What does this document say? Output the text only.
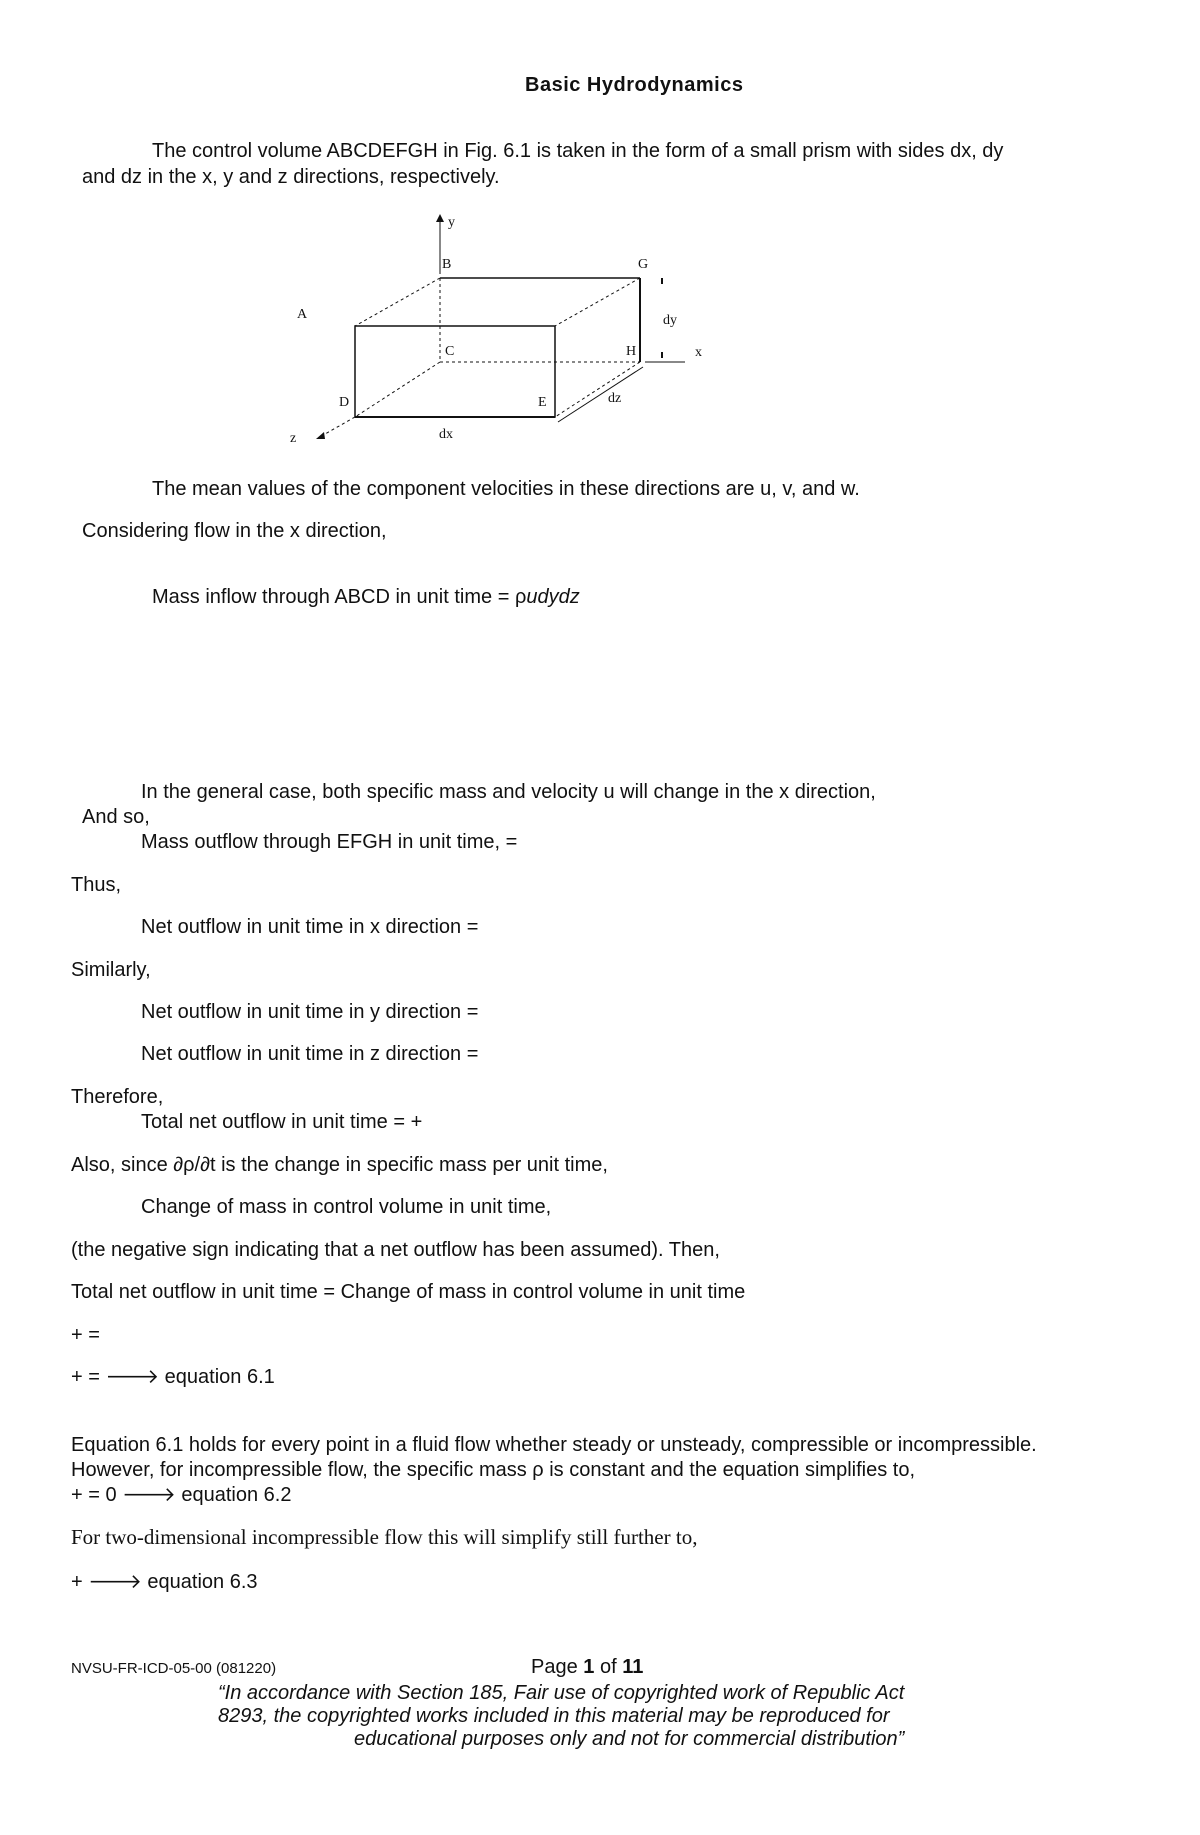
Basic Hydrodynamics
The control volume ABCDEFGH in Fig. 6.1 is taken in the form of a small prism with sides dx, dy
and dz in the x, y and z directions, respectively.
y
z
A
B
C
D	E
G
H	x
dy
dz
dx
The mean values of the component velocities in these directions are u, v, and w.
Considering flow in the x direction,
Mass inflow through ABCD in unit time = ρudydz
In the general case, both specific mass and velocity u will change in the x direction,
And so,
Mass outflow through EFGH in unit time, =
Thus,
Net outflow in unit time in x direction =
Similarly,
Net outflow in unit time in y direction =
Net outflow in unit time in z direction =
Therefore,
Total net outflow in unit time = +
Also, since ∂ρ/∂t is the change in specific mass per unit time,
Change of mass in control volume in unit time,
(the negative sign indicating that a net outflow has been assumed). Then,
Total net outflow in unit time = Change of mass in control volume in unit time
+ =
+ = 🡒 equation 6.1
Equation 6.1 holds for every point in a fluid flow whether steady or unsteady, compressible or incompressible.
However, for incompressible flow, the specific mass ρ is constant and the equation simplifies to,
+ = 0 🡒 equation 6.2
For two-dimensional incompressible flow this will simplify still further to,
+ 🡒 equation 6.3
NVSU-FR-ICD-05-00 (081220)	Page 1 of 11
“In accordance with Section 185, Fair use of copyrighted work of Republic Act
8293, the copyrighted works included in this material may be reproduced for
educational purposes only and not for commercial distribution”
